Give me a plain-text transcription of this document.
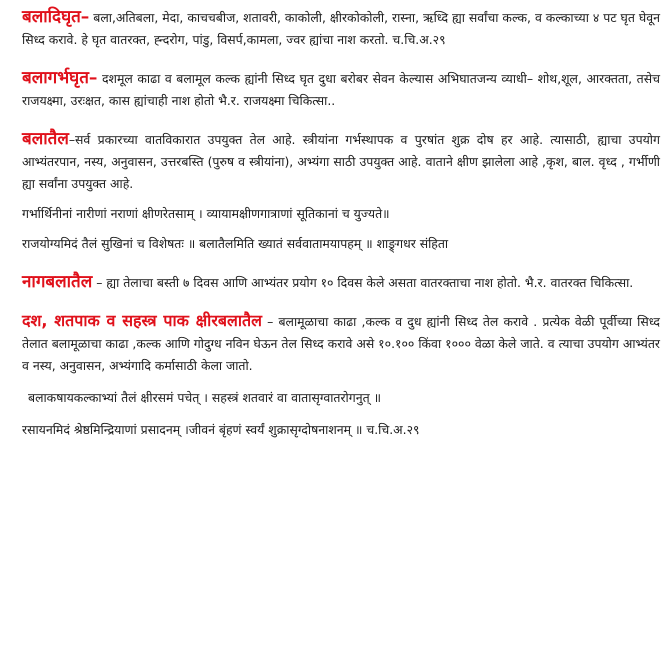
बलादिघृत– बला,अतिबला, मेदा, काचचबीज, शतावरी, काकोली, क्षीरकोकोली, रास्ना, ऋध्दि ह्या सर्वांचा कल्क, व कल्काच्या ४ पट घृत घेवून सिध्द करावे. हे घृत वातरक्त, ह्न्दरोग, पांडु, विसर्प,कामला, ज्वर ह्यांचा नाश करतो. च.चि.अ.२९

बलागर्भघृत– दशमूल काढा व बलामूल कल्क ह्यांनी सिध्द घृत दुधा बरोबर सेवन केल्यास अभिघातजन्य व्याधी– शोथ,शूल, आरक्तता, तसेच राजयक्ष्मा, उरःक्षत, कास ह्यांचाही नाश होतो भै.र. राजयक्ष्मा चिकित्सा..

बलातैल–सर्व प्रकारच्या वातविकारात उपयुक्त तेल आहे. स्त्रीयांना गर्भस्थापक व पुरषांत शुक्र दोष हर आहे. त्यासाठी, ह्याचा उपयोग आभ्यंतरपान, नस्य, अनुवासन, उत्तरबस्ति (पुरुष व स्त्रीयांना), अभ्यंगा साठी उपयुक्त आहे. वाताने क्षीण झालेला आहे ,कृश, बाल. वृध्द , गर्भीणी ह्या सर्वांना उपयुक्त आहे.

गर्भार्थिनीनां नारीणां नराणां क्षीणरेतसाम् । व्यायामक्षीणगात्राणां सूतिकानां च युज्यते॥

राजयोग्यमिदं तैलं सुखिनां च विशेषतः ॥ बलातैलमिति ख्यातं सर्ववातामयापहम् ॥ शाङ्र्गधर संहिता

नागबलातैल – ह्या तेलाचा बस्ती ७ दिवस आणि आभ्यंतर प्रयोग १० दिवस केले असता वातरक्ताचा नाश होतो. भै.र. वातरक्त चिकित्सा.

दश, शतपाक व सहस्त्र पाक क्षीरबलातैल – बलामूळाचा काढा ,कल्क व दुध ह्यांनी सिध्द तेल करावे . प्रत्येक वेळी पूर्वीच्या सिध्द तेलात बलामूळाचा काढा ,कल्क आणि गोदुग्ध नविन घेऊन तेल सिध्द करावे असे १०.१०० किंवा १००० वेळा केले जाते. व त्याचा उपयोग आभ्यंतर व नस्य, अनुवासन, अभ्यंगादि कर्मासाठी केला जातो.

बलाकषायकल्काभ्यां तैलं क्षीरसमं पचेत् । सहस्त्रं शतवारं वा वातासृग्वातरोगनुत् ॥

रसायनमिदं श्रेष्ठमिन्द्रियाणां प्रसादनम् ।जीवनं बृंहणं स्वर्यं शुक्रासृग्दोषनाशनम् ॥ च.चि.अ.२९
